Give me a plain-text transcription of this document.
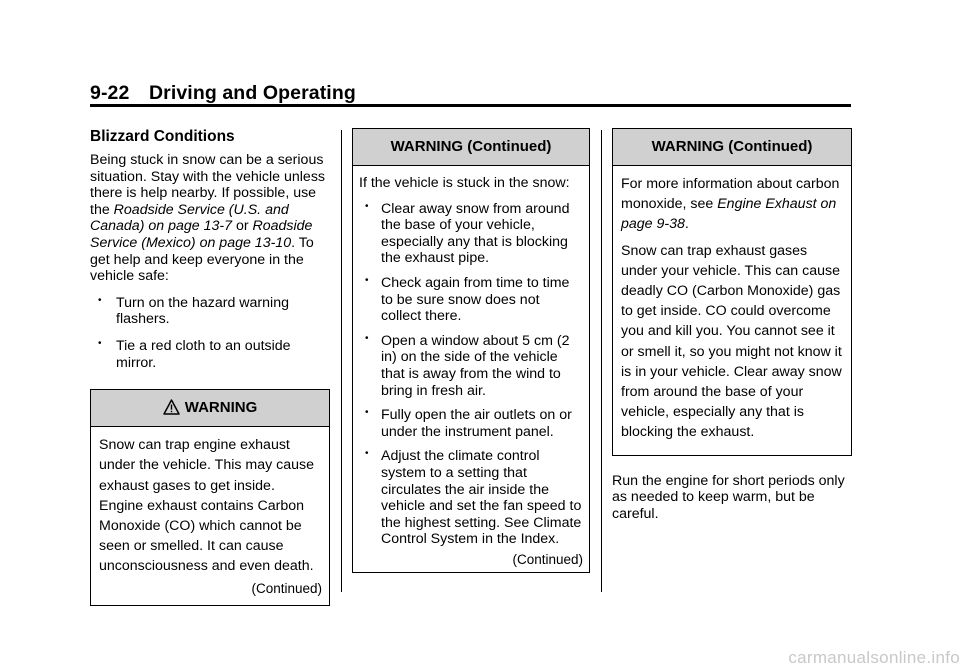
9-22 Driving and Operating
Blizzard Conditions

Being stuck in snow can be a serious situation. Stay with the vehicle unless there is help nearby. If possible, use the Roadside Service (U.S. and Canada) on page 13-7 or Roadside Service (Mexico) on page 13-10. To get help and keep everyone in the vehicle safe:

• Turn on the hazard warning flashers.
• Tie a red cloth to an outside mirror.
WARNING
Snow can trap engine exhaust under the vehicle. This may cause exhaust gases to get inside. Engine exhaust contains Carbon Monoxide (CO) which cannot be seen or smelled. It can cause unconsciousness and even death.
(Continued)
WARNING (Continued)

If the vehicle is stuck in the snow:

• Clear away snow from around the base of your vehicle, especially any that is blocking the exhaust pipe.
• Check again from time to time to be sure snow does not collect there.
• Open a window about 5 cm (2 in) on the side of the vehicle that is away from the wind to bring in fresh air.
• Fully open the air outlets on or under the instrument panel.
• Adjust the climate control system to a setting that circulates the air inside the vehicle and set the fan speed to the highest setting. See Climate Control System in the Index.
(Continued)
WARNING (Continued)

For more information about carbon monoxide, see Engine Exhaust on page 9-38.

Snow can trap exhaust gases under your vehicle. This can cause deadly CO (Carbon Monoxide) gas to get inside. CO could overcome you and kill you. You cannot see it or smell it, so you might not know it is in your vehicle. Clear away snow from around the base of your vehicle, especially any that is blocking the exhaust.

Run the engine for short periods only as needed to keep warm, but be careful.

carmanualsonline.info
